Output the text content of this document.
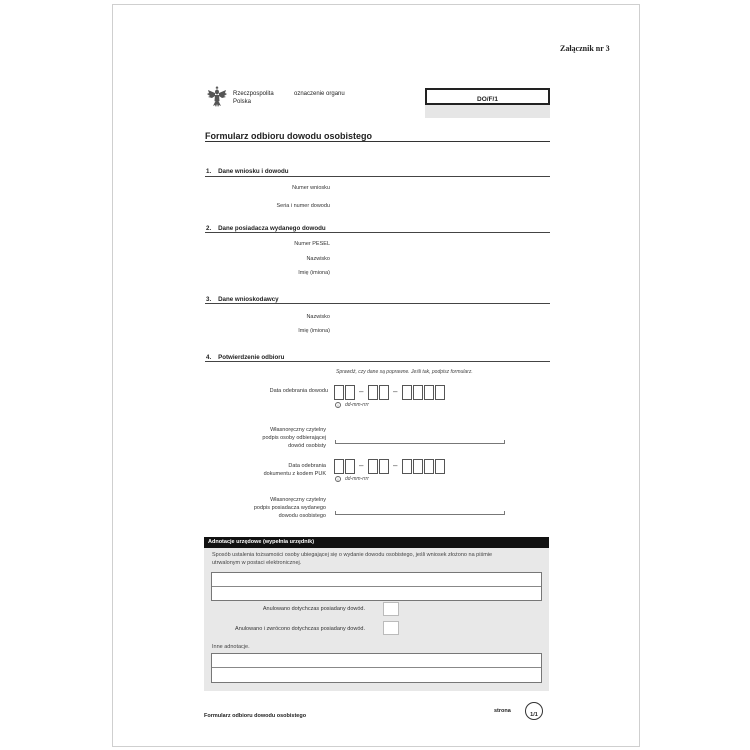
Załącznik nr 3
Rzeczpospolita
Polska
oznaczenie organu
DO/F/1
Formularz odbioru dowodu osobistego
1. Dane wniosku i dowodu
Numer wniosku
Seria i numer dowodu
2. Dane posiadacza wydanego dowodu
Numer PESEL
Nazwisko
Imię (imiona)
3. Dane wnioskodawcy
Nazwisko
Imię (imiona)
4. Potwierdzenie odbioru
Sprawdź, czy dane są poprawne. Jeśli tak, podpisz formularz.
Data odebrania dowodu	–	–
i	dd-mm-rrrr
Własnoręczny czytelny
podpis osoby odbierającej
dowód osobisty
Data odebrania
dokumentu z kodem PUK
–	–
i	dd-mm-rrrr
Własnoręczny czytelny
podpis posiadacza wydanego
dowodu osobistego
Adnotacje urzędowe (wypełnia urzędnik)
Sposób ustalenia tożsamości osoby ubiegającej się o wydanie dowodu osobistego, jeśli wniosek złożono na piśmie
utrwalonym w postaci elektronicznej.
Anulowano dotychczas posiadany dowód.
Anulowano i zwrócono dotychczas posiadany dowód.
Inne adnotacje.
Formularz odbioru dowodu osobistego
strona
1/1
